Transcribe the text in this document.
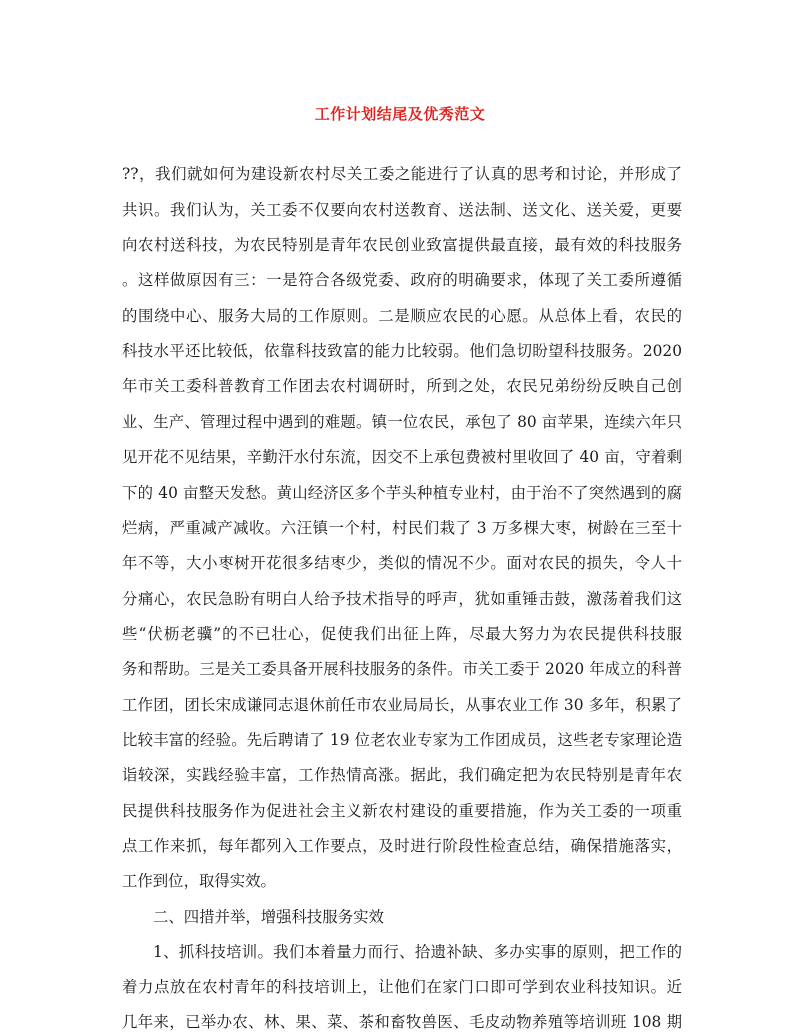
工作计划结尾及优秀范文

??，我们就如何为建设新农村尽关工委之能进行了认真的思考和讨论，并形成了

共识。我们认为，关工委不仅要向农村送教育、送法制、送文化、送关爱，更要

向农村送科技，为农民特别是青年农民创业致富提供最直接，最有效的科技服务

。这样做原因有三：一是符合各级党委、政府的明确要求，体现了关工委所遵循

的围绕中心、服务大局的工作原则。二是顺应农民的心愿。从总体上看，农民的

科技水平还比较低，依靠科技致富的能力比较弱。他们急切盼望科技服务。2020

年市关工委科普教育工作团去农村调研时，所到之处，农民兄弟纷纷反映自己创

业、生产、管理过程中遇到的难题。镇一位农民，承包了 80 亩苹果，连续六年只

见开花不见结果，辛勤汗水付东流，因交不上承包费被村里收回了 40 亩，守着剩

下的 40 亩整天发愁。黄山经济区多个芋头种植专业村，由于治不了突然遇到的腐

烂病，严重减产减收。六汪镇一个村，村民们栽了 3 万多棵大枣，树龄在三至十

年不等，大小枣树开花很多结枣少，类似的情况不少。面对农民的损失，令人十

分痛心，农民急盼有明白人给予技术指导的呼声，犹如重锤击鼓，激荡着我们这

些“伏枥老骥”的不已壮心，促使我们出征上阵，尽最大努力为农民提供科技服

务和帮助。三是关工委具备开展科技服务的条件。市关工委于 2020 年成立的科普

工作团，团长宋成谦同志退休前任市农业局局长，从事农业工作 30 多年，积累了

比较丰富的经验。先后聘请了 19 位老农业专家为工作团成员，这些老专家理论造

诣较深，实践经验丰富，工作热情高涨。据此，我们确定把为农民特别是青年农

民提供科技服务作为促进社会主义新农村建设的重要措施，作为关工委的一项重

点工作来抓，每年都列入工作要点，及时进行阶段性检查总结，确保措施落实，

工作到位，取得实效。

二、四措并举，增强科技服务实效

1、抓科技培训。我们本着量力而行、拾遗补缺、多办实事的原则，把工作的

着力点放在农村青年的科技培训上，让他们在家门口即可学到农业科技知识。近

几年来，已举办农、林、果、菜、茶和畜牧兽医、毛皮动物养殖等培训班 108 期
